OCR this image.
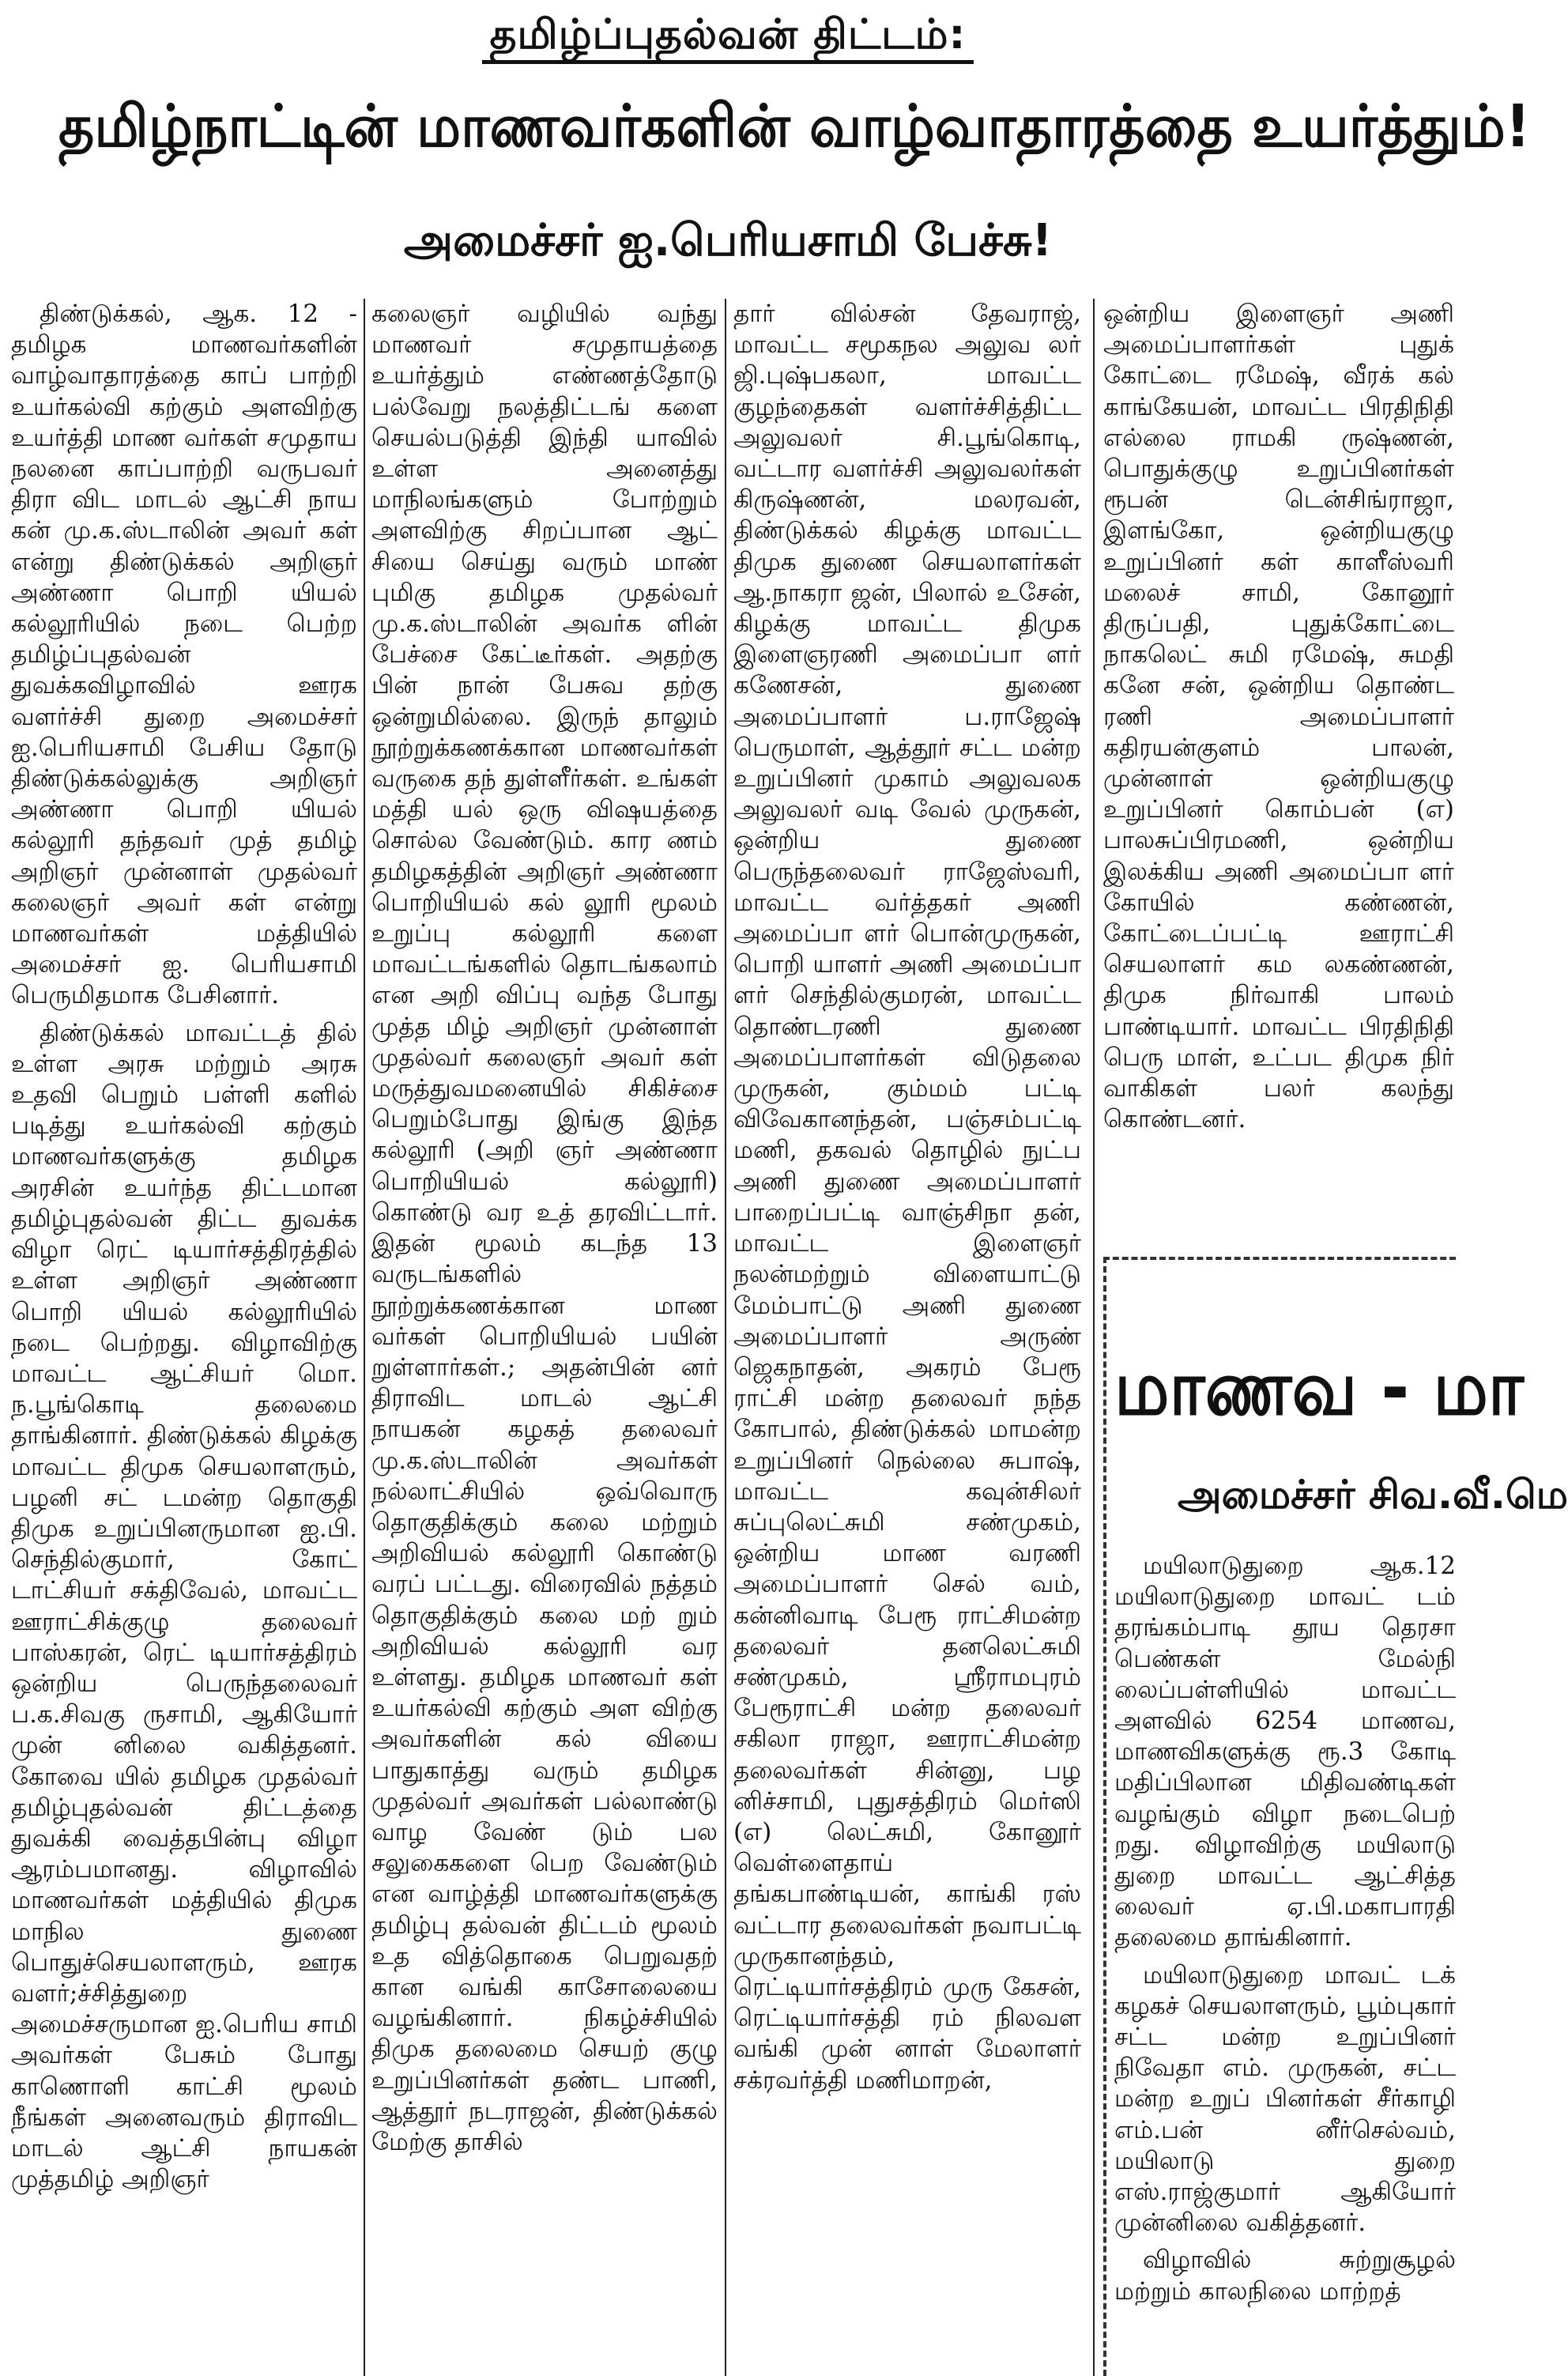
தமிழ்ப்புதல்வன் திட்டம்:
தமிழ்நாட்டின் மாணவர்களின் வாழ்வாதாரத்தை உயர்த்தும்!
அமைச்சர் ஐ.பெரியசாமி பேச்சு!

திண்டுக்கல், ஆக. 12 - தமிழக மாணவர்களின் வாழ்வாதாரத்தை காப் பாற்றி உயர்கல்வி கற்கும் அளவிற்கு உயர்த்தி மாண வர்கள் சமுதாய நலனை காப்பாற்றி வருபவர் திரா விட மாடல் ஆட்சி நாய கன் மு.க.ஸ்டாலின் அவர் கள் என்று திண்டுக்கல் அறிஞர் அண்ணா பொறி யியல் கல்லூரியில் நடை பெற்ற தமிழ்ப்புதல்வன் துவக்கவிழாவில் ஊரக வளர்ச்சி துறை அமைச்சர் ஐ.பெரியசாமி பேசிய தோடு திண்டுக்கல்லுக்கு அறிஞர் அண்ணா பொறி யியல் கல்லூரி தந்தவர் முத் தமிழ் அறிஞர் முன்னாள் முதல்வர் கலைஞர் அவர் கள் என்று மாணவர்கள் மத்தியில் அமைச்சர் ஐ. பெரியசாமி பெருமிதமாக பேசினார்.

திண்டுக்கல் மாவட்டத் தில் உள்ள அரசு மற்றும் அரசு உதவி பெறும் பள்ளி களில் படித்து உயர்கல்வி கற்கும் மாணவர்களுக்கு தமிழக அரசின் உயர்ந்த திட்டமான தமிழ்புதல்வன் திட்ட துவக்க விழா ரெட் டியார்சத்திரத்தில் உள்ள அறிஞர் அண்ணா பொறி யியல் கல்லூரியில் நடை பெற்றது. விழாவிற்கு மாவட்ட ஆட்சியர் மொ. ந.பூங்கொடி தலைமை தாங்கினார். திண்டுக்கல் கிழக்கு மாவட்ட திமுக செயலாளரும், பழனி சட் டமன்ற தொகுதி திமுக உறுப்பினருமான ஐ.பி. செந்தில்குமார், கோட் டாட்சியர் சக்திவேல், மாவட்ட ஊராட்சிக்குழு தலைவர் பாஸ்கரன், ரெட் டியார்சத்திரம் ஒன்றிய பெருந்தலைவர் ப.க.சிவகு ருசாமி, ஆகியோர் முன் னிலை வகித்தனர். கோவை யில் தமிழக முதல்வர் தமிழ்புதல்வன் திட்டத்தை துவக்கி வைத்தபின்பு விழா ஆரம்பமானது. விழாவில் மாணவர்கள் மத்தியில் திமுக மாநில துணை பொதுச்செயலாளரும், ஊரக வளர்;ச்சித்துறை அமைச்சருமான ஐ.பெரிய சாமி அவர்கள் பேசும் போது காணொளி காட்சி மூலம் நீங்கள் அனைவரும் திராவிட மாடல் ஆட்சி நாயகன் முத்தமிழ் அறிஞர்

கலைஞர் வழியில் வந்து மாணவர் சமுதாயத்தை உயர்த்தும் எண்ணத்தோடு பல்வேறு நலத்திட்டங் களை செயல்படுத்தி இந்தி யாவில் உள்ள அனைத்து மாநிலங்களும் போற்றும் அளவிற்கு சிறப்பான ஆட் சியை செய்து வரும் மாண் புமிகு தமிழக முதல்வர் மு.க.ஸ்டாலின் அவர்க ளின் பேச்சை கேட்டீர்கள். அதற்கு பின் நான் பேசுவ தற்கு ஒன்றுமில்லை. இருந் தாலும் நூற்றுக்கணக்கான மாணவர்கள் வருகை தந் துள்ளீர்கள். உங்கள் மத்தி யல் ஒரு விஷயத்தை சொல்ல வேண்டும். கார ணம் தமிழகத்தின் அறிஞர் அண்ணா பொறியியல் கல் லூரி மூலம் உறுப்பு கல்லூரி களை மாவட்டங்களில் தொடங்கலாம் என அறி விப்பு வந்த போது முத்த மிழ் அறிஞர் முன்னாள் முதல்வர் கலைஞர் அவர் கள் மருத்துவமனையில் சிகிச்சை பெறும்போது இங்கு இந்த கல்லூரி (அறி ஞர் அண்ணா பொறியியல் கல்லூரி) கொண்டு வர உத் தரவிட்டார். இதன் மூலம் கடந்த 13 வருடங்களில் நூற்றுக்கணக்கான மாண வர்கள் பொறியியல் பயின் றுள்ளார்கள்.; அதன்பின் னர் திராவிட மாடல் ஆட்சி நாயகன் கழகத் தலைவர் மு.க.ஸ்டாலின் அவர்கள் நல்லாட்சியில் ஒவ்வொரு தொகுதிக்கும் கலை மற்றும் அறிவியல் கல்லூரி கொண்டு வரப் பட்டது. விரைவில் நத்தம் தொகுதிக்கும் கலை மற் றும் அறிவியல் கல்லூரி வர உள்ளது. தமிழக மாணவர் கள் உயர்கல்வி கற்கும் அள விற்கு அவர்களின் கல் வியை பாதுகாத்து வரும் தமிழக முதல்வர் அவர்கள் பல்லாண்டு வாழ வேண் டும் பல சலுகைகளை பெற வேண்டும் என வாழ்த்தி மாணவர்களுக்கு தமிழ்பு தல்வன் திட்டம் மூலம் உத வித்தொகை பெறுவதற் கான வங்கி காசோலையை வழங்கினார். நிகழ்ச்சியில் திமுக தலைமை செயற் குழு உறுப்பினர்கள் தண்ட பாணி, ஆத்தூர் நடராஜன், திண்டுக்கல் மேற்கு தாசில்

தார் வில்சன் தேவராஜ், மாவட்ட சமூகநல அலுவ லர் ஜி.புஷ்பகலா, மாவட்ட குழந்தைகள் வளர்ச்சித்திட்ட அலுவலர் சி.பூங்கொடி, வட்டார வளர்ச்சி அலுவலர்கள் கிருஷ்ணன், மலரவன், திண்டுக்கல் கிழக்கு மாவட்ட திமுக துணை செயலாளர்கள் ஆ.நாகரா ஜன், பிலால் உசேன், கிழக்கு மாவட்ட திமுக இளைஞரணி அமைப்பா ளர் கணேசன், துணை அமைப்பாளர் ப.ராஜேஷ் பெருமாள், ஆத்தூர் சட்ட மன்ற உறுப்பினர் முகாம் அலுவலக அலுவலர் வடி வேல் முருகன், ஒன்றிய துணை பெருந்தலைவர் ராஜேஸ்வரி, மாவட்ட வர்த்தகர் அணி அமைப்பா ளர் பொன்முருகன், பொறி யாளர் அணி அமைப்பா ளர் செந்தில்குமரன், மாவட்ட தொண்டரணி துணை அமைப்பாளர்கள் விடுதலை முருகன், கும்மம் பட்டி விவேகானந்தன், பஞ்சம்பட்டி மணி, தகவல் தொழில் நுட்ப அணி துணை அமைப்பாளர் பாறைப்பட்டி வாஞ்சிநா தன், மாவட்ட இளைஞர் நலன்மற்றும் விளையாட்டு மேம்பாட்டு அணி துணை அமைப்பாளர் அருண் ஜெகநாதன், அகரம் பேரூ ராட்சி மன்ற தலைவர் நந்த கோபால், திண்டுக்கல் மாமன்ற உறுப்பினர் நெல்லை சுபாஷ், மாவட்ட கவுன்சிலர் சுப்புலெட்சுமி சண்முகம், ஒன்றிய மாண வரணி அமைப்பாளர் செல் வம், கன்னிவாடி பேரூ ராட்சிமன்ற தலைவர் தனலெட்சுமி சண்முகம், ஸ்ரீராமபுரம் பேரூராட்சி மன்ற தலைவர் சகிலா ராஜா, ஊராட்சிமன்ற தலைவர்கள் சின்னு, பழ னிச்சாமி, புதுசத்திரம் மெர்ஸி (எ) லெட்சுமி, கோனூர் வெள்ளைதாய் தங்கபாண்டியன், காங்கி ரஸ் வட்டார தலைவர்கள் நவாபட்டி முருகானந்தம், ரெட்டியார்சத்திரம் முரு கேசன், ரெட்டியார்சத்தி ரம் நிலவள வங்கி முன் னாள் மேலாளர் சக்ரவர்த்தி மணிமாறன்,

ஒன்றிய இளைஞர் அணி அமைப்பாளர்கள் புதுக் கோட்டை ரமேஷ், வீரக் கல் காங்கேயன், மாவட்ட பிரதிநிதி எல்லை ராமகி ருஷ்ணன், பொதுக்குழு உறுப்பினர்கள் ரூபன் டென்சிங்ராஜா, இளங்கோ, ஒன்றியகுழு உறுப்பினர் கள் காளீஸ்வரி மலைச் சாமி, கோனூர் திருப்பதி, புதுக்கோட்டை நாகலெட் சுமி ரமேஷ், சுமதி கனே சன், ஒன்றிய தொண்ட ரணி அமைப்பாளர் கதிரயன்குளம் பாலன், முன்னாள் ஒன்றியகுழு உறுப்பினர் கொம்பன் (எ) பாலசுப்பிரமணி, ஒன்றிய இலக்கிய அணி அமைப்பா ளர் கோயில் கண்ணன், கோட்டைப்பட்டி ஊராட்சி செயலாளர் கம லகண்ணன், திமுக நிர்வாகி பாலம் பாண்டியார். மாவட்ட பிரதிநிதி பெரு மாள், உட்பட திமுக நிர் வாகிகள் பலர் கலந்து கொண்டனர்.

மாணவ - மா
அமைச்சர் சிவ.வீ.மெ

மயிலாடுதுறை ஆக.12 மயிலாடுதுறை மாவட் டம் தரங்கம்பாடி தூய தெரசா பெண்கள் மேல்நி லைப்பள்ளியில் மாவட்ட அளவில் 6254 மாணவ, மாணவிகளுக்கு ரூ.3 கோடி மதிப்பிலான மிதிவண்டிகள் வழங்கும் விழா நடைபெற் றது. விழாவிற்கு மயிலாடு துறை மாவட்ட ஆட்சித்த லைவர் ஏ.பி.மகாபாரதி தலைமை தாங்கினார்.

மயிலாடுதுறை மாவட் டக் கழகச் செயலாளரும், பூம்புகார் சட்ட மன்ற உறுப்பினர் நிவேதா எம். முருகன், சட்ட மன்ற உறுப் பினர்கள் சீர்காழி எம்.பன் னீர்செல்வம், மயிலாடு துறை எஸ்.ராஜ்குமார் ஆகியோர் முன்னிலை வகித்தனர்.

விழாவில் சுற்றுசூழல் மற்றும் காலநிலை மாற்றத்
